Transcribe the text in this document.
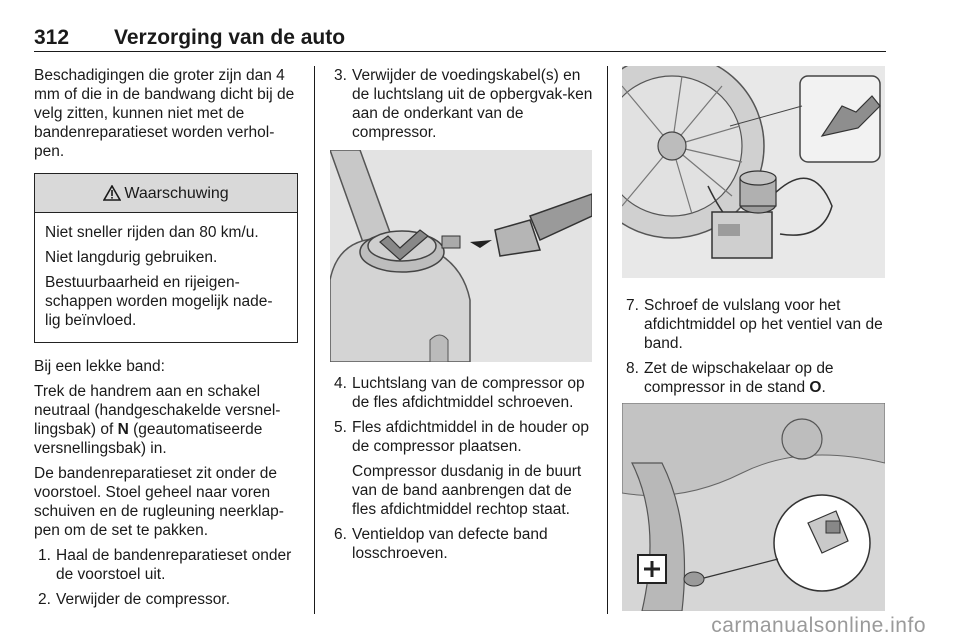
312 Verzorging van de auto

Beschadigingen die groter zijn dan 4 mm of die in de bandwang dicht bij de velg zitten, kunnen niet met de bandenreparatieset worden verhol-pen.

Waarschuwing

Niet sneller rijden dan 80 km/u.

Niet langdurig gebruiken.

Bestuurbaarheid en rijeigen-schappen worden mogelijk nade-lig beïnvloed.

Bij een lekke band:

Trek de handrem aan en schakel neutraal (handgeschakelde versnel-lingsbak) of N (geautomatiseerde versnellingsbak) in.

De bandenreparatieset zit onder de voorstoel. Stoel geheel naar voren schuiven en de rugleuning neerklap-pen om de set te pakken.

1. Haal de bandenreparatieset onder de voorstoel uit.
2. Verwijder de compressor.
3. Verwijder de voedingskabel(s) en de luchtslang uit de opbergvak-ken aan de onderkant van de compressor.
4. Luchtslang van de compressor op de fles afdichtmiddel schroeven.
5. Fles afdichtmiddel in de houder op de compressor plaatsen.

Compressor dusdanig in de buurt van de band aanbrengen dat de fles afdichtmiddel rechtop staat.

6. Ventieldop van defecte band losschroeven.
7. Schroef de vulslang voor het afdichtmiddel op het ventiel van de band.
8. Zet de wipschakelaar op de compressor in de stand O.
carmanualsonline.info
